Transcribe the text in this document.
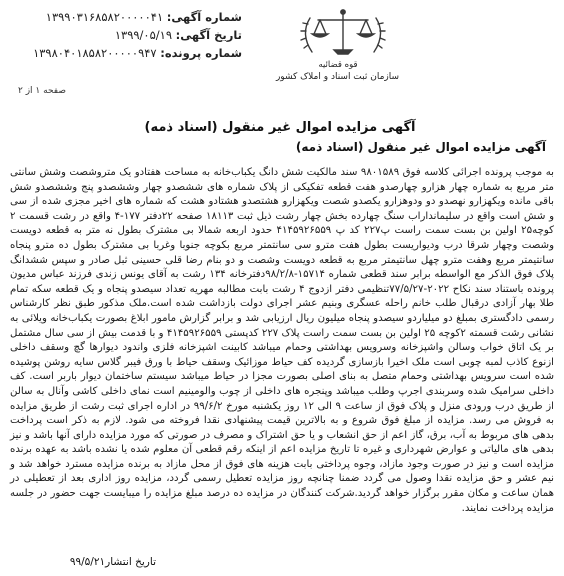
شماره آگهی: ۱۳۹۹۰۳۱۶۸۵۸۲۰۰۰۰۰۴۱
تاریخ آگهی: ۱۳۹۹/۰۵/۱۹
شماره پرونده: ۱۳۹۸۰۴۰۱۸۵۸۲۰۰۰۰۰۹۴۷
قوه قضائیه
سازمان ثبت اسناد و املاک کشور
صفحه ۱ از ۲
آگهی مزایده اموال غیر منقول (اسناد ذمه)
آگهی مزایده اموال غیر منقول (اسناد ذمه)
به موجب پرونده اجرائی کلاسه فوق ۹۸۰۱۵۸۹ سند مالکیت شش دانگ یکباب‌خانه به مساحت هفتادو یک مترو‌شصت وشش سانتی متر مربع به شماره چهار هزارو چهارصدو هفت قطعه تفکیکی از پلاک شماره های ششصدو چهار وششصدو پنج وششصدو شش باقی مانده ویکهزارو نهصدو دو ودوهزارو یکصدو شصت ویکهزارو هشتصدو هشتادو هشت که شماره های اخیر مجزی شده از سی و شش است واقع در سلیمانداراب سنگ چهارده بخش چهار رشت ذیل ثبت ۱۸۱۱۳ صفحه ۲۲دفتر ۱۷۷-۴ واقع در رشت قسمت ۲ کوچه۲۵ اولین بن بست سمت راست پ۲۲۷ کد پ ۴۱۴۵۹۲۶۵۵۹ حدود اربعه شمالا بی مشترک بطول نه متر به قطعه دویست وشصت وچهار شرقا درب ودیواریست بطول هفت مترو سی سانتمتر مربع بکوچه جنوبا وغربا بی مشترک بطول ده مترو پنجاه سانتیمتر مربع وهفت مترو چهل سانتیمتر مربع به قطعه دویست وشصت و دو بنام رضا قلی حسینی ثبل صادر و سپس ششدانگ پلاک فوق الذکر مع الواسطه برابر سند قطعی شماره ۱۵۷۱۴-۹۸/۲/۸دفترخانه ۱۳۴ رشت به آقای یونس زندی فرزند عباس مدیون پرونده باستناد سند نکاح ۲۰۲۲-۷۷/۵/۲۷تنظیمی دفتر ازدوج ۴ رشت بابت مطالبه مهریه تعداد سیصدو پنجاه و یک قطعه سکه تمام طلا بهار آزادی درقبال طلب خانم راحله عسگری وبنیم عشر اجرای دولت بازداشت شده است.ملک مذکور طبق نظر کارشناس رسمی دادگستری بمبلغ دو میلیاردو سیصدو پنجاه میلیون ریال ارزیابی شد و برابر گزارش مامور ابلاغ بصورت یکباب‌خانه ویلائی به نشانی رشت قسمته ۲کوچه ۲۵ اولین بن بست سمت راست پلاک ۲۲۷ کدپستی ۴۱۴۵۹۲۶۵۵۹ و با قدمت بیش از سی سال مشتمل بر یک اتاق خواب وسالن واشپزخانه وسرویس بهداشتی وحمام میباشد کابینت اشپزخانه فلزی واندود دیوارها گچ وسقف داخلی ازنوع کاذب لمبه چوبی است ملک اخیرا بازسازی گردیده کف حیاط موزائیک وسقف حیاط با ورق فیبر گلاس سایه روشن پوشیده شده است سرویس بهداشتی وحمام متصل به بنای اصلی بصورت مجزا در حیاط میباشد سیستم ساختمان دیوار باربر است. کف داخلی سرامیک شده وسربندی اجرپ وطلب میباشد وپنجره های داخلی از چوب والومینیم است نمای داخلی کاشی وآنال به سالن از طریق درب ورودی منزل و پلاک فوق از ساعت ۹ الی ۱۲ روز یکشنبه مورخ ۹۹/۶/۲ در اداره اجرای ثبت رشت از طریق مزایده به فروش می رسد. مزایده از مبلغ فوق شروع و به بالاترین قیمت پیشنهادی نقدا فروخته می شود. لازم به ذکر است پرداخت بدهی های مربوط به آب، برق، گاز اعم از حق انشعاب و یا حق اشتراک و مصرف در صورتی که مورد مزایده دارای آنها باشد و نیز بدهی های مالیاتی و عوارض شهرداری و غیره تا تاریخ مزایده اعم از اینکه رقم قطعی آن معلوم شده یا نشده باشد به عهده برنده مزایده است و نیز در صورت وجود مازاد، وجوه پرداختی بابت هزینه های فوق از محل مازاد به برنده مزایده مسترد خواهد شد و نیم عشر و حق مزایده نقدا وصول می گردد ضمنا چنانچه روز مزایده تعطیل رسمی گردد، مزایده روز اداری بعد از تعطیلی در همان ساعت و مکان مقرر برگزار خواهد گردید.شرکت کنندگان در مزایده ده درصد مبلغ مزایده را میبایست جهت حضور در جلسه مزایده پرداخت نمایند.
تاریخ انتشار۹۹/۵/۲۱
